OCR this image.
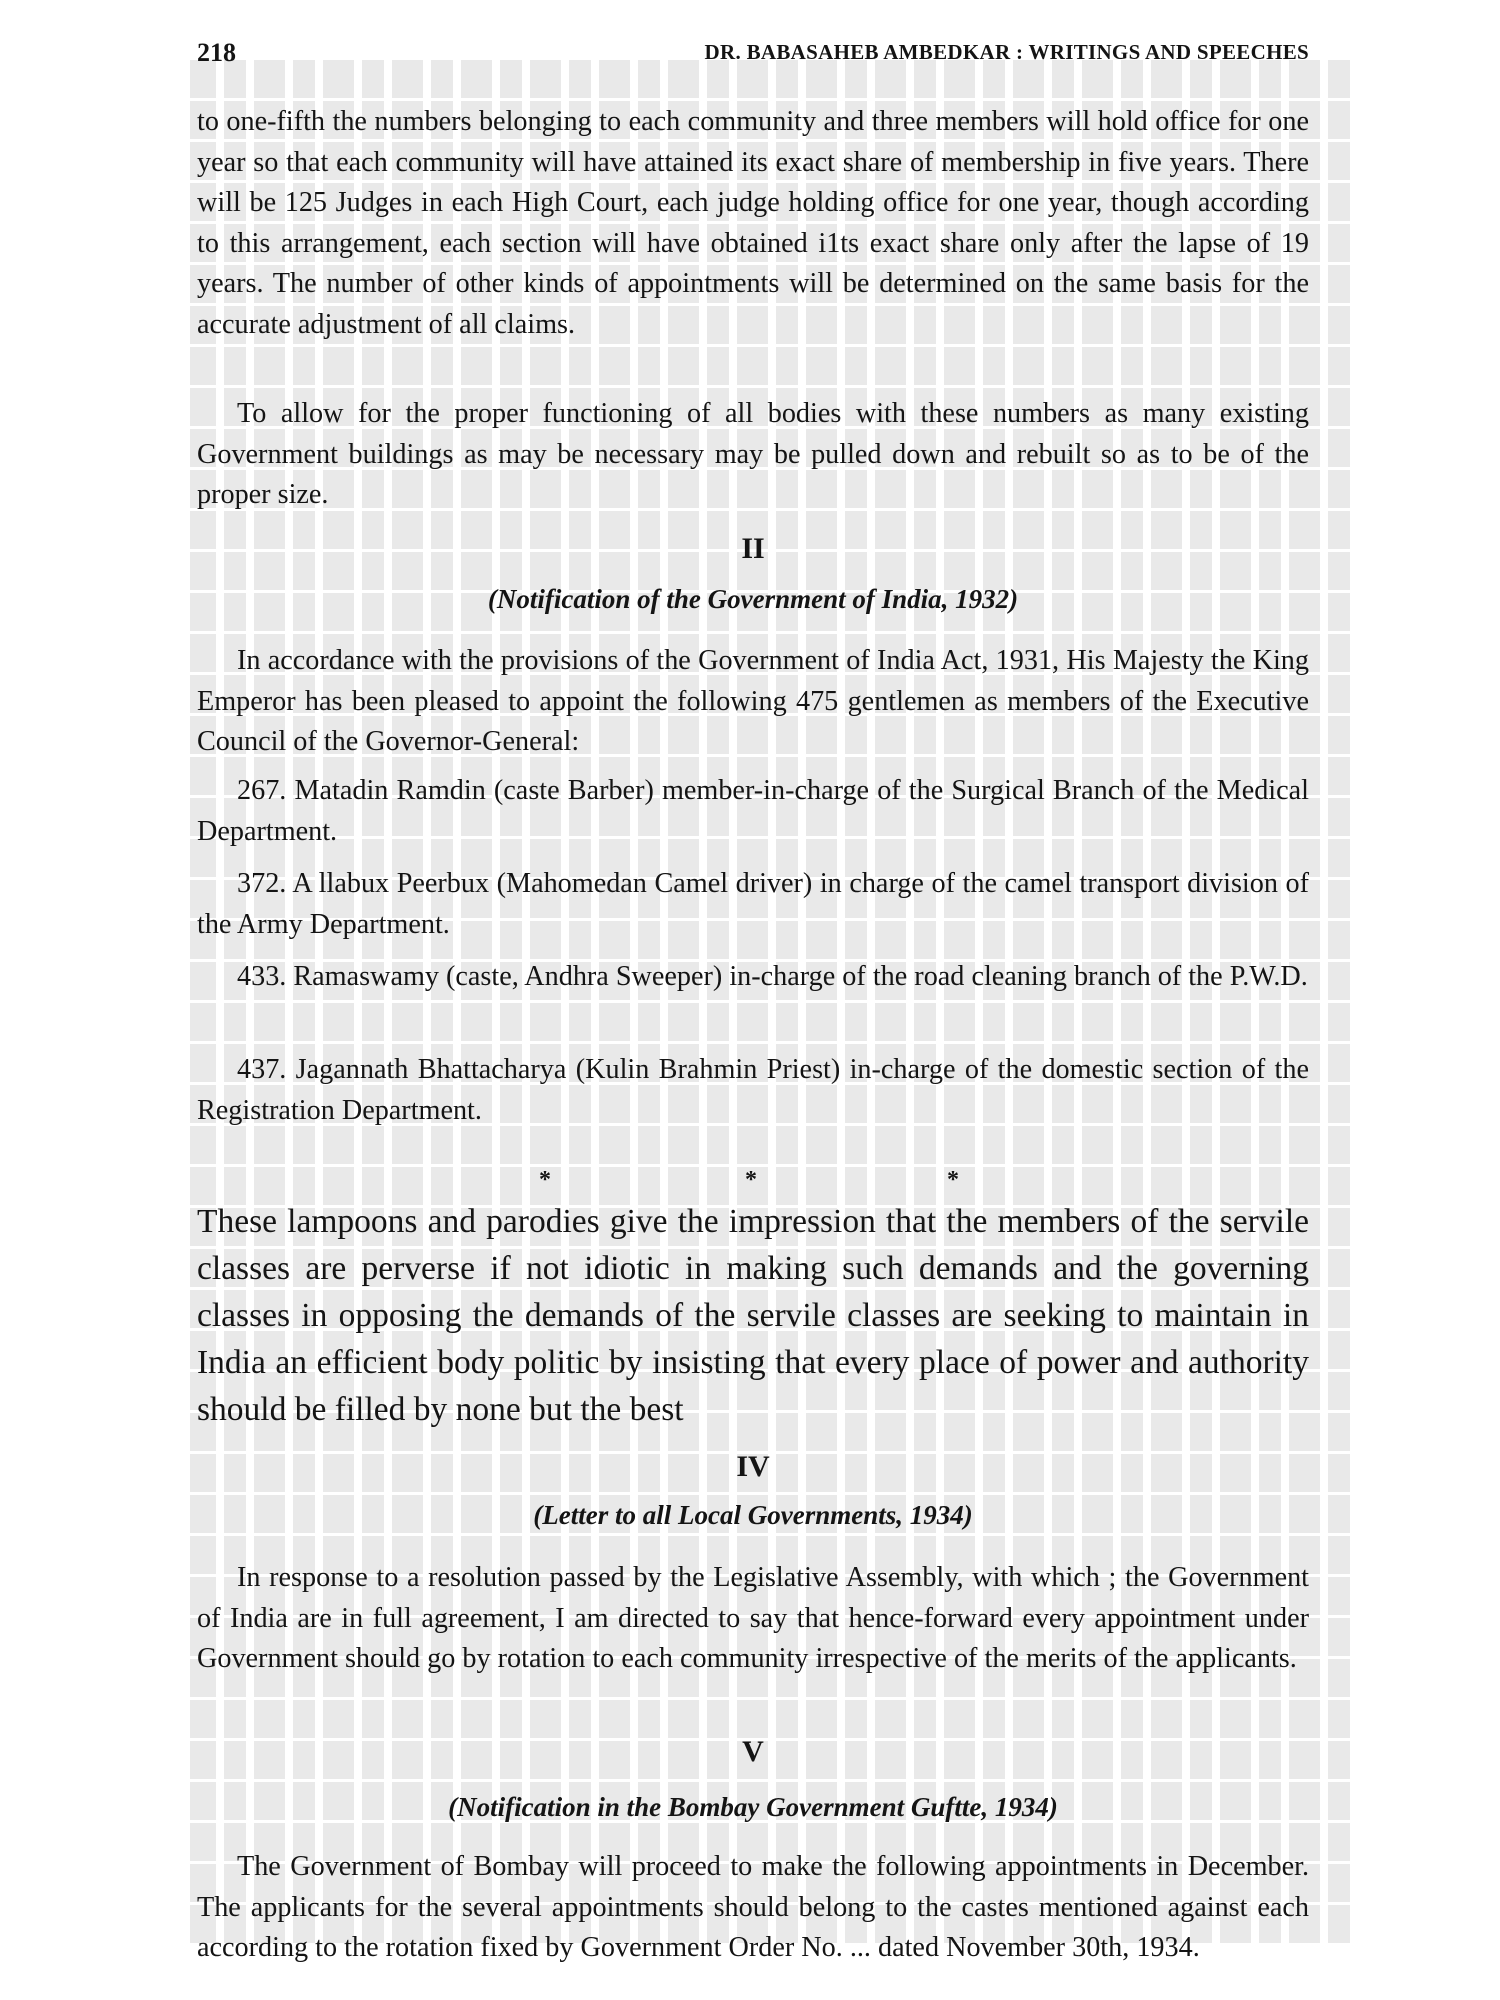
218	DR. BABASAHEB AMBEDKAR : WRITINGS AND SPEECHES
to one-fifth the numbers belonging to each community and three members will hold office for one year so that each community will have attained its exact share of membership in five years. There will be 125 Judges in each High Court, each judge holding office for one year, though according to this arrangement, each section will have obtained i1ts exact share only after the lapse of 19 years. The number of other kinds of appointments will be determined on the same basis for the accurate adjustment of all claims.
To allow for the proper functioning of all bodies with these numbers as many existing Government buildings as may be necessary may be pulled down and rebuilt so as to be of the proper size.
II
(Notification of the Government of India, 1932)
In accordance with the provisions of the Government of India Act, 1931, His Majesty the King Emperor has been pleased to appoint the following 475 gentlemen as members of the Executive Council of the Governor-General:
267. Matadin Ramdin (caste Barber) member-in-charge of the Surgical Branch of the Medical Department.
372. A llabux Peerbux (Mahomedan Camel driver) in charge of the camel transport division of the Army Department.
433. Ramaswamy (caste, Andhra Sweeper) in-charge of the road cleaning branch of the P.W.D.
437. Jagannath Bhattacharya (Kulin Brahmin Priest) in-charge of the domestic section of the Registration Department.
*	*	*
These lampoons and parodies give the impression that the members of the servile classes are perverse if not idiotic in making such demands and the governing classes in opposing the demands of the servile classes are seeking to maintain in India an efficient body politic by insisting that every place of power and authority should be filled by none but the best
IV
(Letter to all Local Governments, 1934)
In response to a resolution passed by the Legislative Assembly, with which ; the Government of India are in full agreement, I am directed to say that hence-forward every appointment under Government should go by rotation to each community irrespective of the merits of the applicants.
V
(Notification in the Bombay Government Guftte, 1934)
The Government of Bombay will proceed to make the following appointments in December. The applicants for the several appointments should belong to the castes mentioned against each according to the rotation fixed by Government Order No. ... dated November 30th, 1934.
